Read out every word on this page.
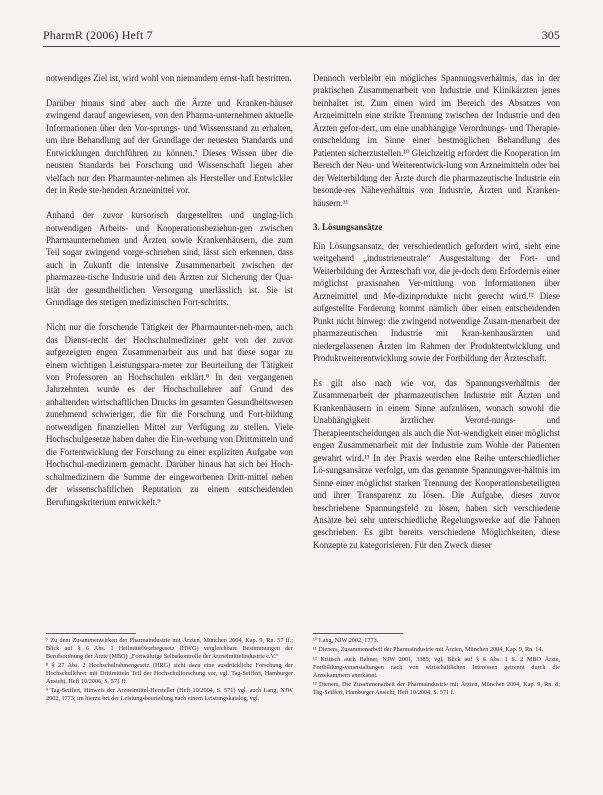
PharmR (2006) Heft 7	305

notwendiges Ziel ist, wird wohl von niemandem ernst-haft bestritten.

Darüber hinaus sind aber auch die Ärzte und Kranken-häuser zwingend darauf angewiesen, von den Pharma-unternehmen aktuelle Informationen über den Vor-sprungs- und Wissensstand zu erhalten, um ihre Behandlung auf der Grundlage der neuesten Standards und Entwicklungen durchführen zu können.⁷ Dieses Wissen über die neusten Standards bei Forschung und Wissenschaft liegen aber vielfach nur den Pharmaunter-nehmen als Hersteller und Entwickler der in Rede ste-henden Arzneimittel vor.

Anhand der zuvor kursorisch dargestellten und unglag-lich notwendigen Arbeits- und Kooperationsbeziehun-gen zwischen Pharmaunternehmen und Ärzten sowie Krankenhäusern, die zum Teil sogar zwingend vorge-schrieben sind, lässt sich erkennen, dass auch in Zukunft die intensive Zusammenarbeit zwischen der pharmazeu-tische Industrie und den Ärzten zur Sicherung der Qua-lität der gesundheitlichen Versorgung unerlässlich ist. Sie ist Grundlage des stetigen medizinischen Fort-schritts.

Nicht nur die forschende Tätigkeit der Pharmaunter-neh-men, auch das Dienst-recht der Hochschulmediziner geht von der zuvor aufgezeigten engen Zusammenarbeit aus und hat diese sogar zu einem wichtigen Leistungspara-meter zur Beurteilung der Tätigkeit von Professoren an Hochschulen erklärt.⁸ In den vergangenen Jahrzehnten wurde es der Hochschullehrer auf Grund des anhaltenden wirtschaftlichen Drucks im gesamten Gesundheitswesen zunehmend schwieriger, die für die Forschung und Fort-bildung notwendigen finanziellen Mittel zur Verfügung zu stellen. Viele Hochschulgesetze haben daher die Ein-werbung von Drittmitteln und die Fortentwicklung der Forschung zu einer expliziten Aufgabe von Hochschul-medizinern gemacht. Darüber hinaus hat sich bei Hoch-schulmedizinern die Summe der eingeworbenen Dritt-mittel neben der wissenschaftlichen Reputation zu einem entscheidenden Berufungskriterium entwickelt.⁹

Dennoch verbleibt ein mögliches Spannungsverhältnis, das in der praktischen Zusammenarbeit von Industrie und Klinikärzten jenes beinhaltet ist. Zum einen wird im Bereich des Absatzes von Arzneimitteln eine strikte Trennung zwischen der Industrie und den Ärzten gefor-dert, um eine unabhängige Verordnungs- und Therapie-entscheidung im Sinne einer bestmöglichen Behandlung des Patienten sicherzustellen.¹⁰ Gleichzeitig erfordert die Kooperation im Bereich der Neu- und Weiterentwick-lung von Arzneimitteln oder bei der Weiterbildung der Ärzte durch die pharmazeutische Industrie ein besonde-res Näheverhältnis von Industrie, Ärzten und Kranken-häusern.¹¹

3. Lösungsansätze

Ein Lösungsansatz, der verschiedentlich gefordert wird, sieht eine weitgehend „industrieneutrale“ Ausgestaltung der Fort- und Weiterbildung der Ärzteschaft vor, die je-doch dem Erfordernis einer möglichst praxisnahen Ver-mittlung von Informationen über Arzneimittel und Me-dizinprodukte nicht gerecht wird.¹² Diese aufgestellte Forderung kommt nämlich über einen entscheidenden Punkt nicht hinweg: die zwingend notwendige Zusam-menarbeit der pharmazeutischen Industrie mit Kran-kenhausärzten und niedergelassenen Ärzten im Rahmen der Produktentwicklung und Produktweiterentwicklung sowie der Fortbildung der Ärzteschaft.

Es gilt also nach wie vor, das Spannungsverhältnis der Zusammenarbeit der pharmazeutischen Industrie mit Ärzten und Krankenhäusern in einem Sinne aufzulösen, wonach sowohl die Unabhängigkeit ärztlicher Verord-nungs- und Therapieentscheidungen als auch die Not-wendigkeit einer möglichst engen Zusammenarbeit mit der Industrie zum Wohle der Patienten gewahrt wird.¹³ In der Praxis werden eine Reihe unterschiedlicher Lö-sungsansätze verfolgt, um das genannte Spannungsver-hältnis im Sinne einer möglichst starken Trennung der Kooperationsbeteiligten und ihrer Transparenz zu lösen. Die Aufgabe, dieses zuvor beschriebene Spannungsfeld zu lösen, haben sich verschiedene Ansätze bei sehr unterschiedliche Regelungswerke auf die Fahnen geschrieben. Es gibt bereits verschiedene Möglichkeiten, diese Konzepte zu kategorisieren. Für den Zweck dieser

⁷ Zu dem Zusammenwirken der Pharmaindustrie mit Ärzten, München 2004, Kap. 9, Rn. 57 ff.; Blick auf § 6 Abs. 1 Heilmittelwerbegesetz (HWG) vergleichbare Bestimmungen der Berufsordnung der Ärzte (MBO) „Fortwährige Selbstkontrolle der Arzneimittelindustrie e.V.“
⁸ § 27 Abs. 2 Hochschulrahmengesetz (HRG) sieht dazu eine ausdrückliche Forschung der Hochschullehrer mit Drittmitteln Teil der Hochschulforschung vor, vgl. Tag-Seiffert, Hamburger Ansicht, Heft 10/2006, S. 571 ff.
⁹ Tag-Seiffert, Hinweis der Arzneimittel-Hersteller (Heft 10/2004, S. 571) vgl. auch Lang, NJW 2002, 1773; im hierzu bei der Leistungsbeurteilung nach einem Leistungskatalog, vgl.
¹⁰ Lang, NJW 2002, 1773.
¹¹ Dieners, Zusammenarbeit der Pharmaindustrie mit Ärzten, München 2004, Kap. 9, Rn. 14.
¹² Kritisch auch Bahner, NJW 2001, 3385; vgl. Blick auf § 6 Abs. 1 S. 2 MBO Ärzte, Fortbildungsveranstaltungen nach von wirtschaftlichen Interessen getrennt durch die Ärztekammern anerkannt.
¹³ Dieners, Die Zusammenarbeit der Pharmaindustrie mit Ärzten, München 2004, Kap. 9, Rn. 8; Tag-Seiffert, Hamburger Ansicht, Heft 10/2004, S. 571 f.
